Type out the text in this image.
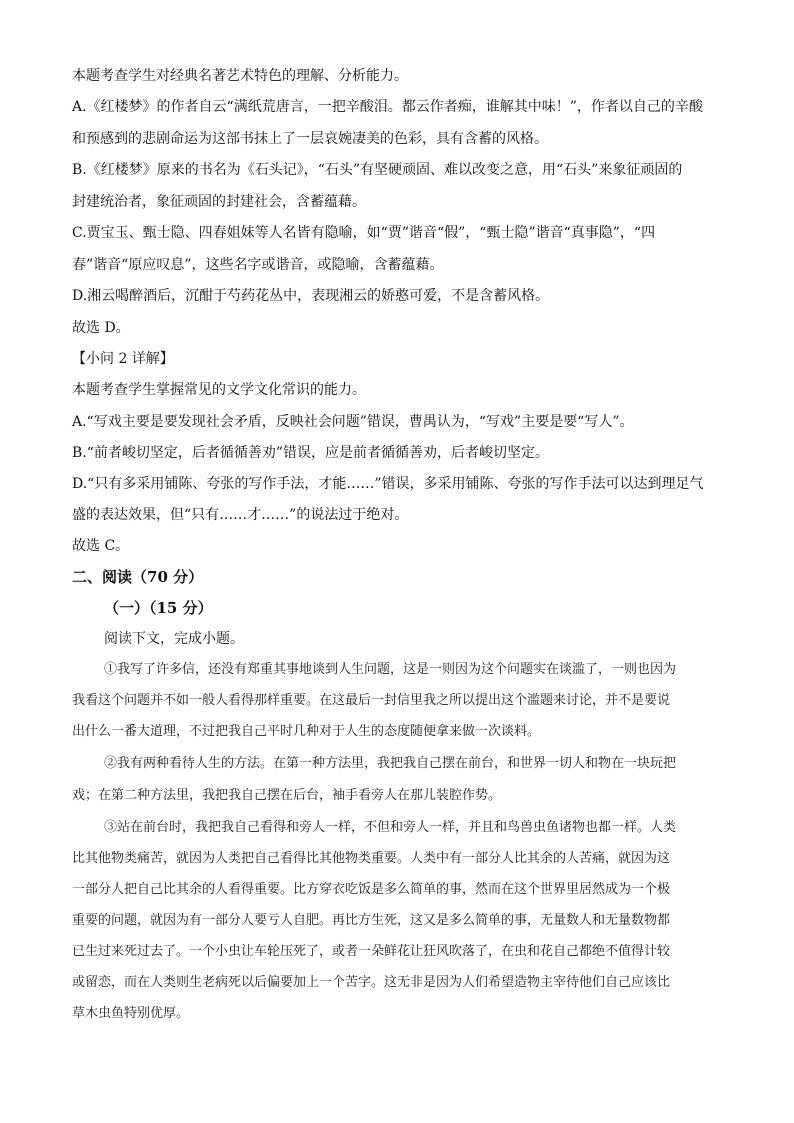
本题考查学生对经典名著艺术特色的理解、分析能力。
A.《红楼梦》的作者自云“满纸荒唐言，一把辛酸泪。都云作者痴，谁解其中味！”，作者以自己的辛酸
和预感到的悲剧命运为这部书抹上了一层哀婉凄美的色彩，具有含蓄的风格。
B.《红楼梦》原来的书名为《石头记》，“石头”有坚硬顽固、难以改变之意，用“石头”来象征顽固的
封建统治者，象征顽固的封建社会，含蓄蕴藉。
C.贾宝玉、甄士隐、四春姐妹等人名皆有隐喻，如“贾”谐音“假”，“甄士隐”谐音“真事隐”，“四
春”谐音“原应叹息”，这些名字或谐音，或隐喻，含蓄蕴藉。
D.湘云喝醉酒后，沉酣于芍药花丛中，表现湘云的娇憨可爱，不是含蓄风格。
故选 D。
【小问 2 详解】
本题考查学生掌握常见的文学文化常识的能力。
A.“写戏主要是要发现社会矛盾，反映社会问题”错误，曹禺认为，“写戏”主要是要“写人”。
B.“前者峻切坚定，后者循循善劝”错误，应是前者循循善劝，后者峻切坚定。
D.“只有多采用铺陈、夸张的写作手法，才能……”错误，多采用铺陈、夸张的写作手法可以达到理足气
盛的表达效果，但“只有……才……”的说法过于绝对。
故选 C。
二、阅读（70 分）
（一）（15 分）
阅读下文，完成小题。
①我写了许多信，还没有郑重其事地谈到人生问题，这是一则因为这个问题实在谈滥了，一则也因为
我看这个问题并不如一般人看得那样重要。在这最后一封信里我之所以提出这个滥题来讨论，并不是要说
出什么一番大道理，不过把我自己平时几种对于人生的态度随便拿来做一次谈料。
②我有两种看待人生的方法。在第一种方法里，我把我自己摆在前台，和世界一切人和物在一块玩把
戏；在第二种方法里，我把我自己摆在后台，袖手看旁人在那儿装腔作势。
③站在前台时，我把我自己看得和旁人一样，不但和旁人一样，并且和鸟兽虫鱼诸物也都一样。人类
比其他物类痛苦，就因为人类把自己看得比其他物类重要。人类中有一部分人比其余的人苦痛，就因为这
一部分人把自己比其余的人看得重要。比方穿衣吃饭是多么简单的事，然而在这个世界里居然成为一个极
重要的问题，就因为有一部分人要亏人自肥。再比方生死，这又是多么简单的事，无量数人和无量数物都
已生过来死过去了。一个小虫让车轮压死了，或者一朵鲜花让狂风吹落了，在虫和花自己都绝不值得计较
或留恋，而在人类则生老病死以后偏要加上一个苦字。这无非是因为人们希望造物主宰待他们自己应该比
草木虫鱼特别优厚。
